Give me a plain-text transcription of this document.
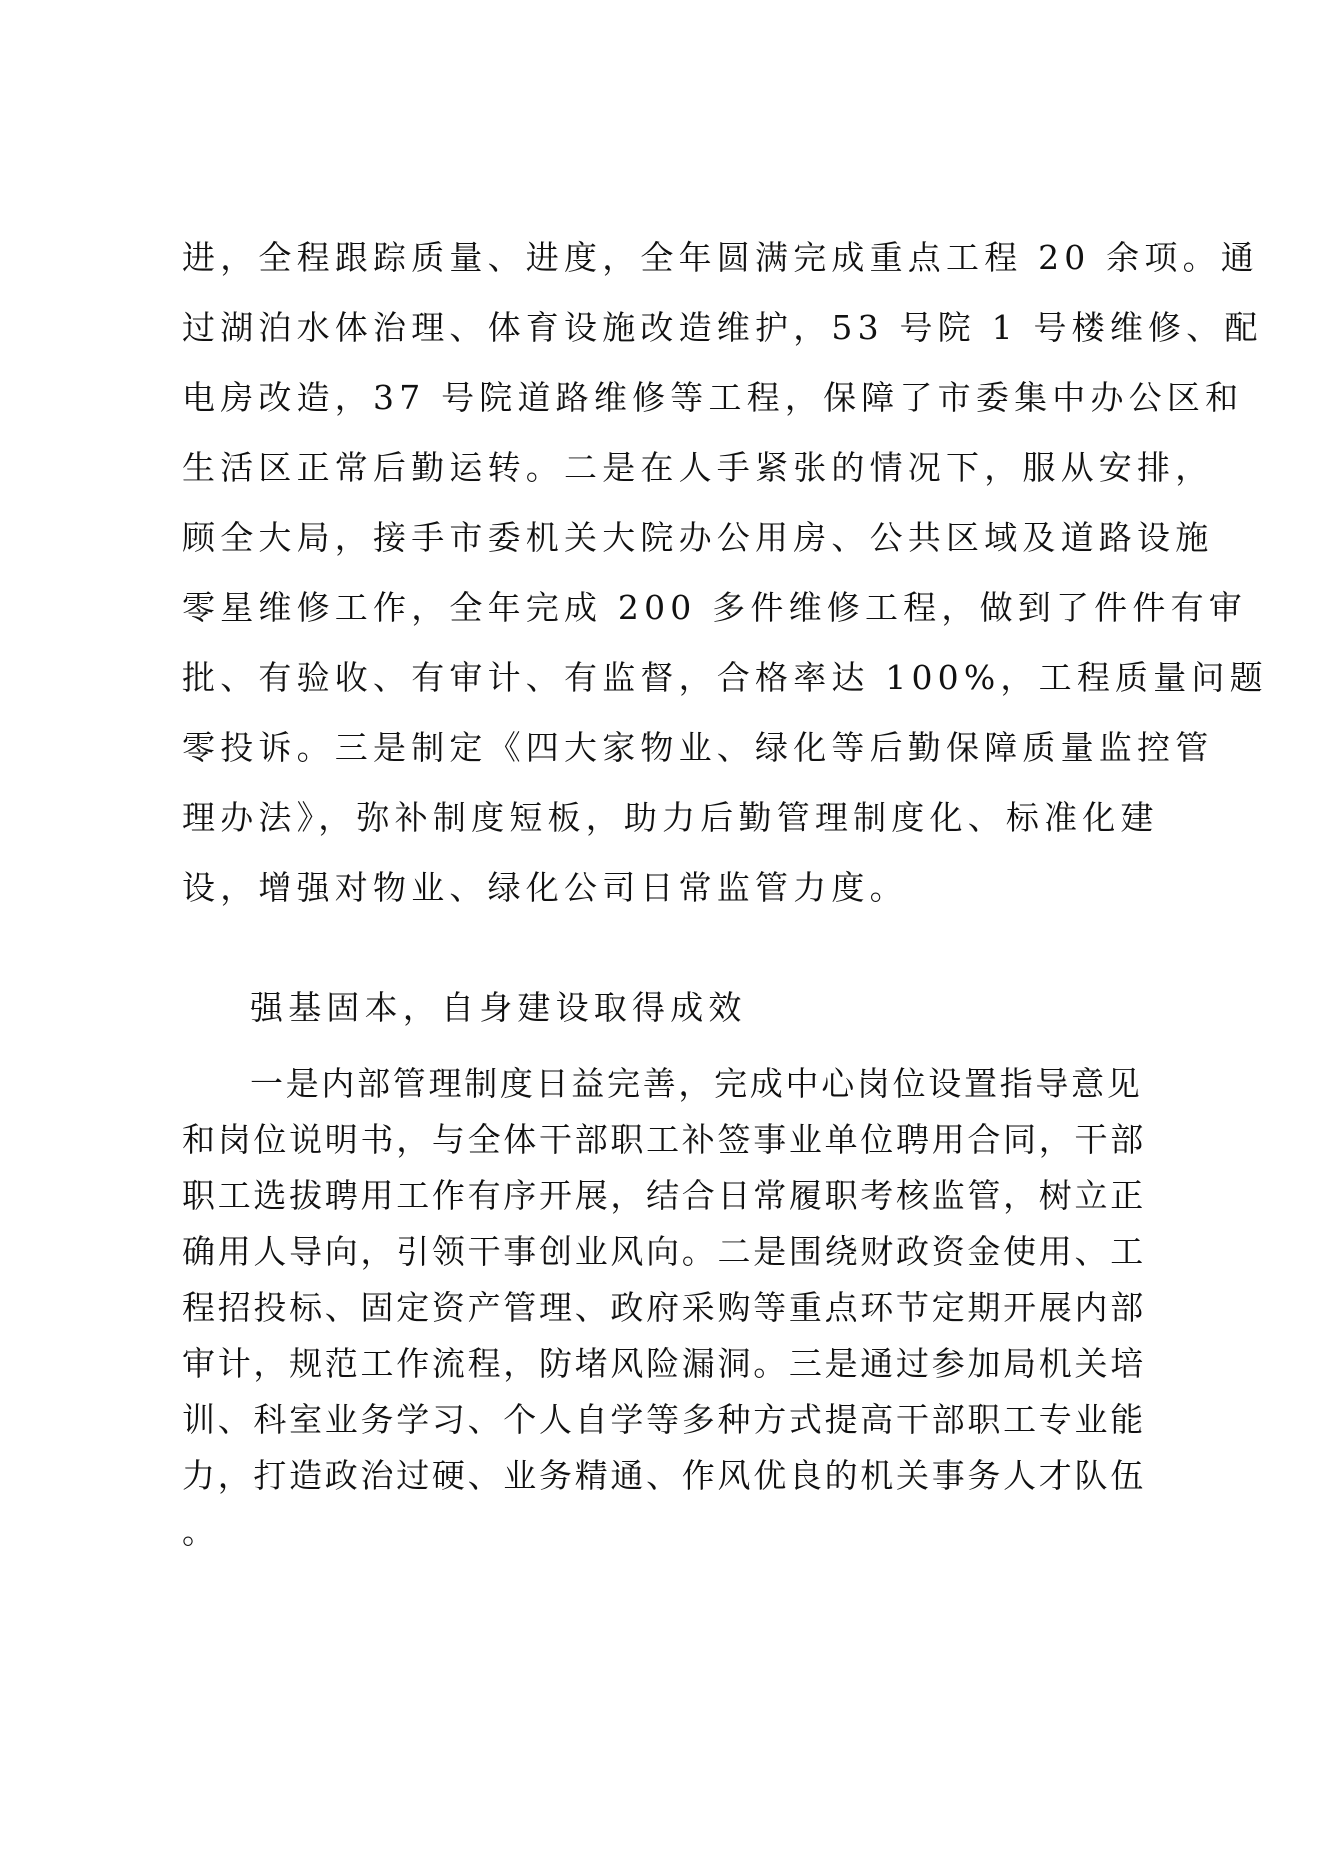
进，全程跟踪质量、进度，全年圆满完成重点工程 20 余项。通
过湖泊水体治理、体育设施改造维护，53 号院 1 号楼维修、配
电房改造，37 号院道路维修等工程，保障了市委集中办公区和
生活区正常后勤运转。二是在人手紧张的情况下，服从安排，
顾全大局，接手市委机关大院办公用房、公共区域及道路设施
零星维修工作，全年完成 200 多件维修工程，做到了件件有审
批、有验收、有审计、有监督，合格率达 100%，工程质量问题
零投诉。三是制定《四大家物业、绿化等后勤保障质量监控管
理办法》，弥补制度短板，助力后勤管理制度化、标准化建
设，增强对物业、绿化公司日常监管力度。
强基固本，自身建设取得成效
一是内部管理制度日益完善，完成中心岗位设置指导意见
和岗位说明书，与全体干部职工补签事业单位聘用合同，干部
职工选拔聘用工作有序开展，结合日常履职考核监管，树立正
确用人导向，引领干事创业风向。二是围绕财政资金使用、工
程招投标、固定资产管理、政府采购等重点环节定期开展内部
审计，规范工作流程，防堵风险漏洞。三是通过参加局机关培
训、科室业务学习、个人自学等多种方式提高干部职工专业能
力，打造政治过硬、业务精通、作风优良的机关事务人才队伍
。
